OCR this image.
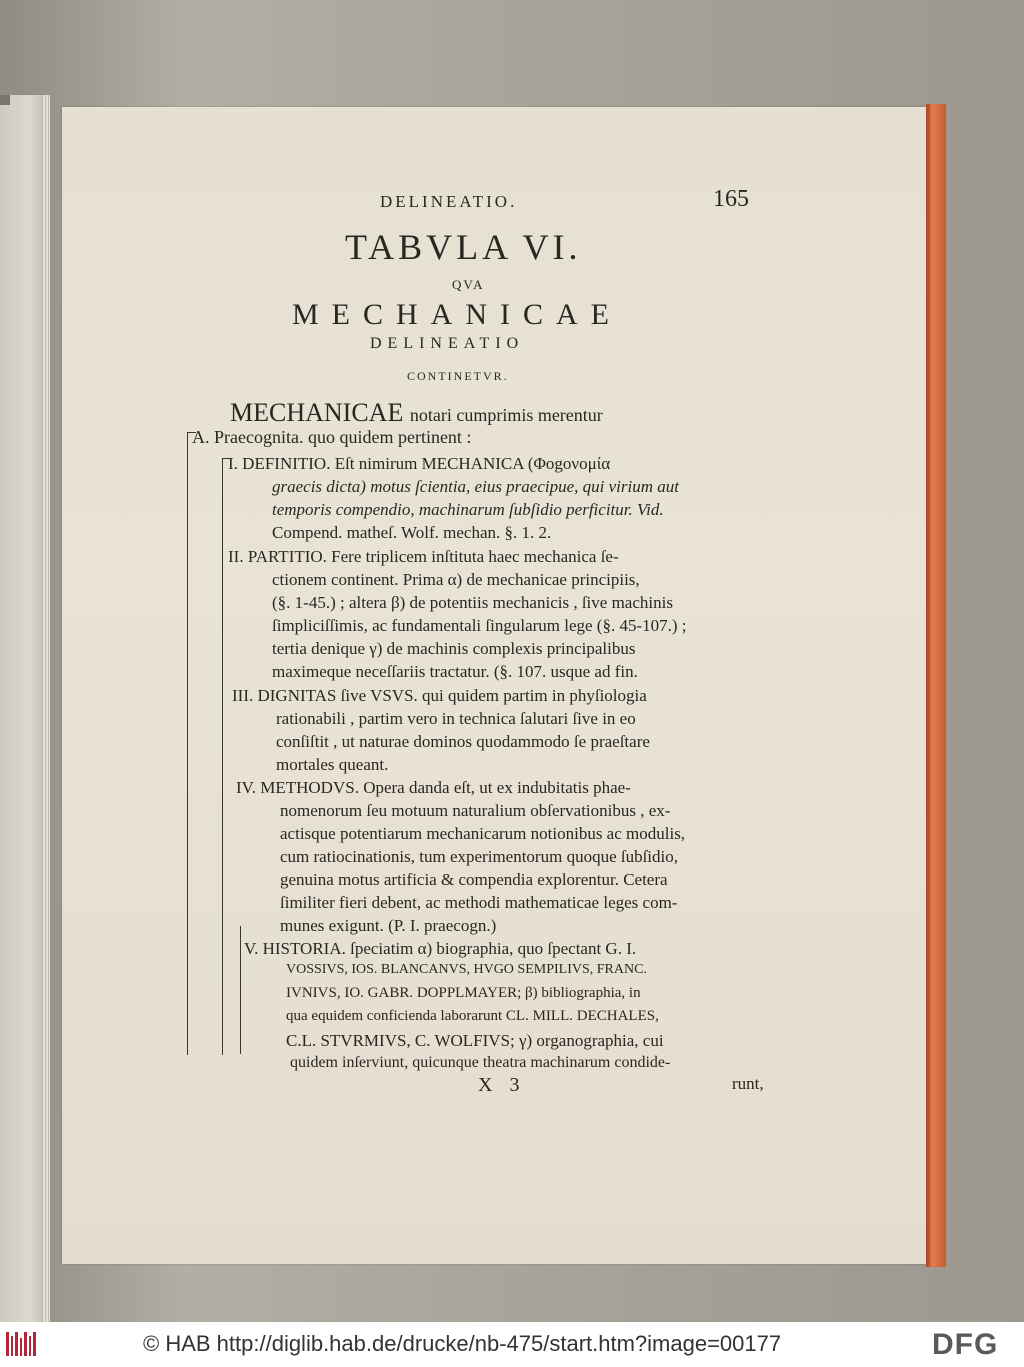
DELINEATIO.	165
TABVLA VI.
QVA
MECHANICAE
DELINEATIO
CONTINETVR.
MECHANICAE notari cumprimis merentur
A. Praecognita. quo quidem pertinent :
I. DEFINITIO. Eſt nimirum MECHANICA (Φοgονομία
graecis dicta) motus ſcientia, eius praecipue, qui virium aut
temporis compendio, machinarum ſubſidio perficitur. Vid.
Compend. matheſ. Wolf. mechan. §. 1. 2.
II. PARTITIO. Fere triplicem inſtituta haec mechanica ſe-
ctionem continent. Prima α) de mechanicae principiis,
(§. 1-45.) ; altera β) de potentiis mechanicis , ſive machinis
ſimpliciſſimis, ac fundamentali ſingularum lege (§. 45-107.) ;
tertia denique γ) de machinis complexis principalibus
maximeque neceſſariis tractatur. (§. 107. usque ad fin.
III. DIGNITAS ſive VSVS. qui quidem partim in phyſiologia
rationabili , partim vero in technica ſalutari ſive in eo
conſiſtit , ut naturae dominos quodammodo ſe praeſtare
mortales queant.
IV. METHODVS. Opera danda eſt, ut ex indubitatis phae-
nomenorum ſeu motuum naturalium obſervationibus , ex-
actisque potentiarum mechanicarum notionibus ac modulis,
cum ratiocinationis, tum experimentorum quoque ſubſidio,
genuina motus artificia & compendia explorentur. Cetera
ſimiliter fieri debent, ac methodi mathematicae leges com-
munes exigunt. (P. I. praecogn.)
V. HISTORIA. ſpeciatim α) biographia, quo ſpectant G. I.
VOSSIVS, IOS. BLANCANVS, HVGO SEMPILIVS, FRANC.
IVNIVS, IO. GABR. DOPPLMAYER; β) bibliographia, in
qua equidem conficienda laborarunt CL. MILL. DECHALES,
C.L. STVRMIVS, C. WOLFIVS; γ) organographia, cui
quidem inſerviunt, quicunque theatra machinarum condide-
X 3	runt,
© HAB http://diglib.hab.de/drucke/nb-475/start.htm?image=00177	DFG
